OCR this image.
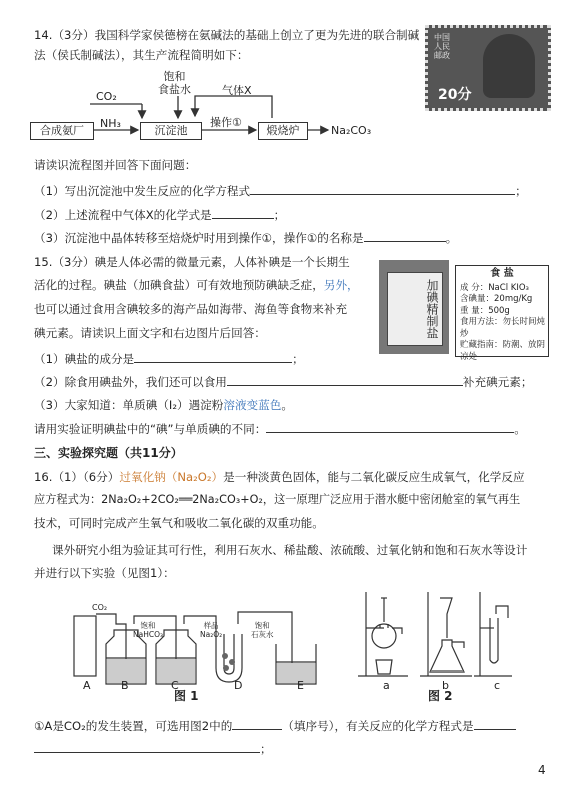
14.（3分）我国科学家侯德榜在氨碱法的基础上创立了更为先进的联合制碱
法（侯氏制碱法），其生产流程简明如下：
中国人民邮政
20分
合成氨厂	沉淀池	煅烧炉
CO₂
NH₃
饱和
食盐水	气体X
操作①
Na₂CO₃
请读识流程图并回答下面问题：
（1）写出沉淀池中发生反应的化学方程式	；
（2）上述流程中气体X的化学式是	；
（3）沉淀池中晶体转移至焙烧炉时用到操作①，操作①的名称是	。
15.（3分）碘是人体必需的微量元素，人体补碘是一个长期生
活化的过程。碘盐（加碘食盐）可有效地预防碘缺乏症，另外，
也可以通过食用含碘较多的海产品如海带、海鱼等食物来补充
碘元素。请读识上面文字和右边图片后回答：	加碘精制盐
食 盐
成 分：NaCl KIO₃
含碘量：20mg/Kg
重 量：500g
食用方法：勿长时间炖炒
贮藏指南：防潮、放阴凉处
（1）碘盐的成分是	；
（2）除食用碘盐外，我们还可以食用	补充碘元素；
（3）大家知道：单质碘（I₂）遇淀粉溶液变蓝色。
请用实验证明碘盐中的“碘”与单质碘的不同：	。
三、实验探究题（共11分）
16.（1）（6分）过氧化钠（Na₂O₂）是一种淡黄色固体，能与二氧化碳反应生成氧气，化学反应
应方程式为：2Na₂O₂+2CO₂══2Na₂CO₃+O₂，这一原理广泛应用于潜水艇中密闭舱室的氧气再生
技术，可同时完成产生氧气和吸收二氧化碳的双重功能。
课外研究小组为验证其可行性，利用石灰水、稀盐酸、浓硫酸、过氧化钠和饱和石灰水等设计
并进行以下实验（见图1）：
CO₂
饱和
NaHCO₃
样品
Na₂O₂
饱和
石灰水
A	B	C	D	E
图 1
a	b	c
图 2
①A是CO₂的发生装置，可选用图2中的	（填序号），有关反应的化学方程式是
；
4
